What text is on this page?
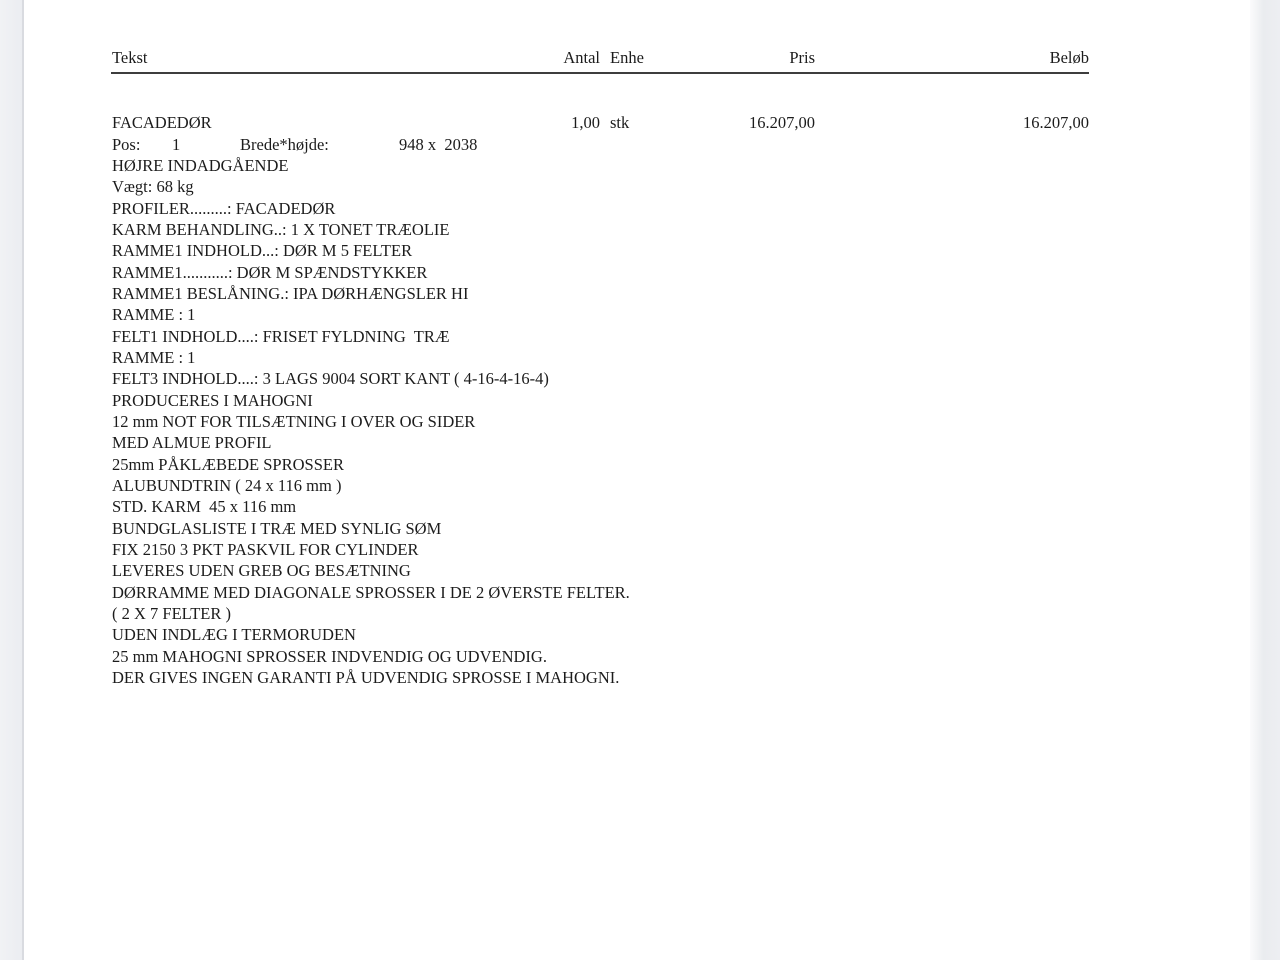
Tekst	Antal Enhe	Pris	Beløb
FACADEDØR	1,00 stk	16.207,00	16.207,00
Pos: 1	Brede*højde:	948 x  2038
HØJRE INDADGÅENDE
Vægt: 68 kg
PROFILER.........: FACADEDØR
KARM BEHANDLING..: 1 X TONET TRÆOLIE
RAMME1 INDHOLD...: DØR M 5 FELTER
RAMME1...........: DØR M SPÆNDSTYKKER
RAMME1 BESLÅNING.: IPA DØRHÆNGSLER HI
RAMME : 1
FELT1 INDHOLD....: FRISET FYLDNING  TRÆ
RAMME : 1
FELT3 INDHOLD....: 3 LAGS 9004 SORT KANT ( 4-16-4-16-4)
PRODUCERES I MAHOGNI
12 mm NOT FOR TILSÆTNING I OVER OG SIDER
MED ALMUE PROFIL
25mm PÅKLÆBEDE SPROSSER
ALUBUNDTRIN ( 24 x 116 mm )
STD. KARM  45 x 116 mm
BUNDGLASLISTE I TRÆ MED SYNLIG SØM
FIX 2150 3 PKT PASKVIL FOR CYLINDER
LEVERES UDEN GREB OG BESÆTNING
DØRRAMME MED DIAGONALE SPROSSER I DE 2 ØVERSTE FELTER.
( 2 X 7 FELTER )
UDEN INDLÆG I TERMORUDEN
25 mm MAHOGNI SPROSSER INDVENDIG OG UDVENDIG.
DER GIVES INGEN GARANTI PÅ UDVENDIG SPROSSE I MAHOGNI.
